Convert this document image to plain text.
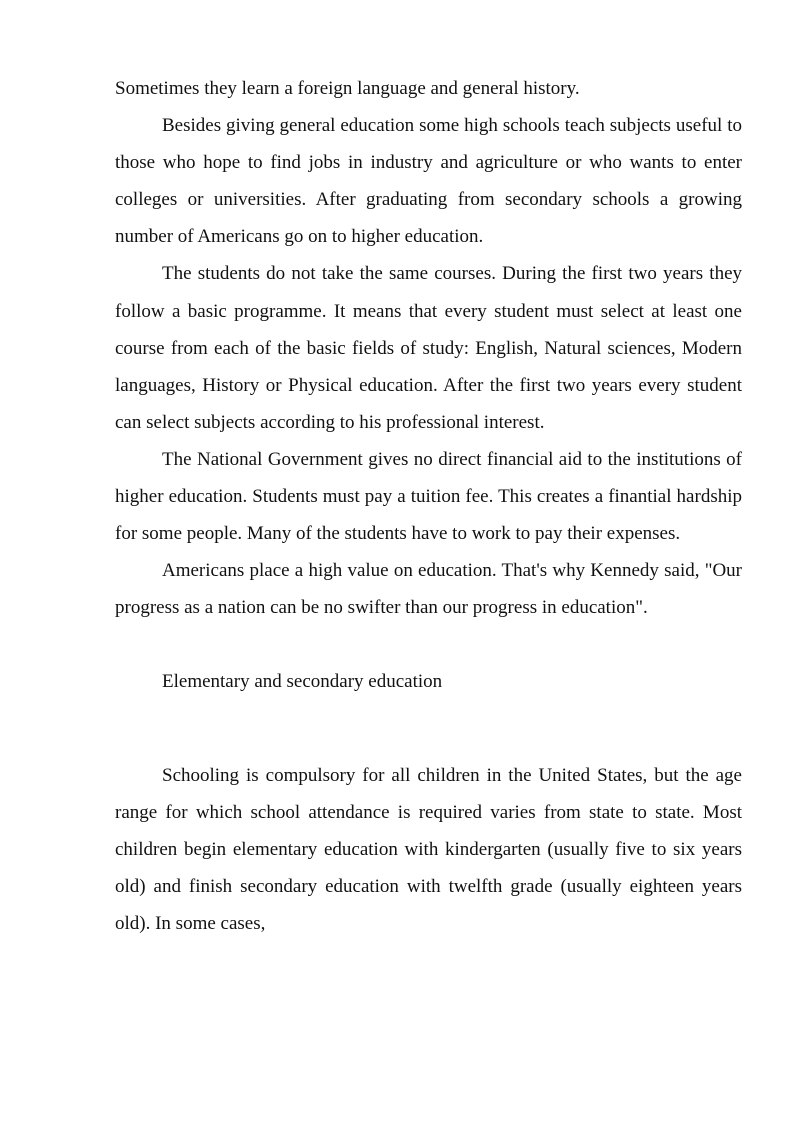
Sometimes they learn a foreign language and general history.

Besides giving general education some high schools teach subjects useful to those who hope to find jobs in industry and agriculture or who wants to enter colleges or universities. After graduating from secondary schools a growing number of Americans go on to higher education.

The students do not take the same courses. During the first two years they follow a basic programme. It means that every student must select at least one course from each of the basic fields of study: English, Natural sciences, Modern languages, History or Physical education. After the first two years every student can select subjects according to his professional interest.

The National Government gives no direct financial aid to the institutions of higher education. Students must pay a tuition fee. This creates a finantial hardship for some people. Many of the students have to work to pay their expenses.

Americans place a high value on education. That's why Kennedy said, "Our progress as a nation can be no swifter than our progress in education".

Elementary and secondary education

Schooling is compulsory for all children in the United States, but the age range for which school attendance is required varies from state to state. Most children begin elementary education with kindergarten (usually five to six years old) and finish secondary education with twelfth grade (usually eighteen years old). In some cases,
